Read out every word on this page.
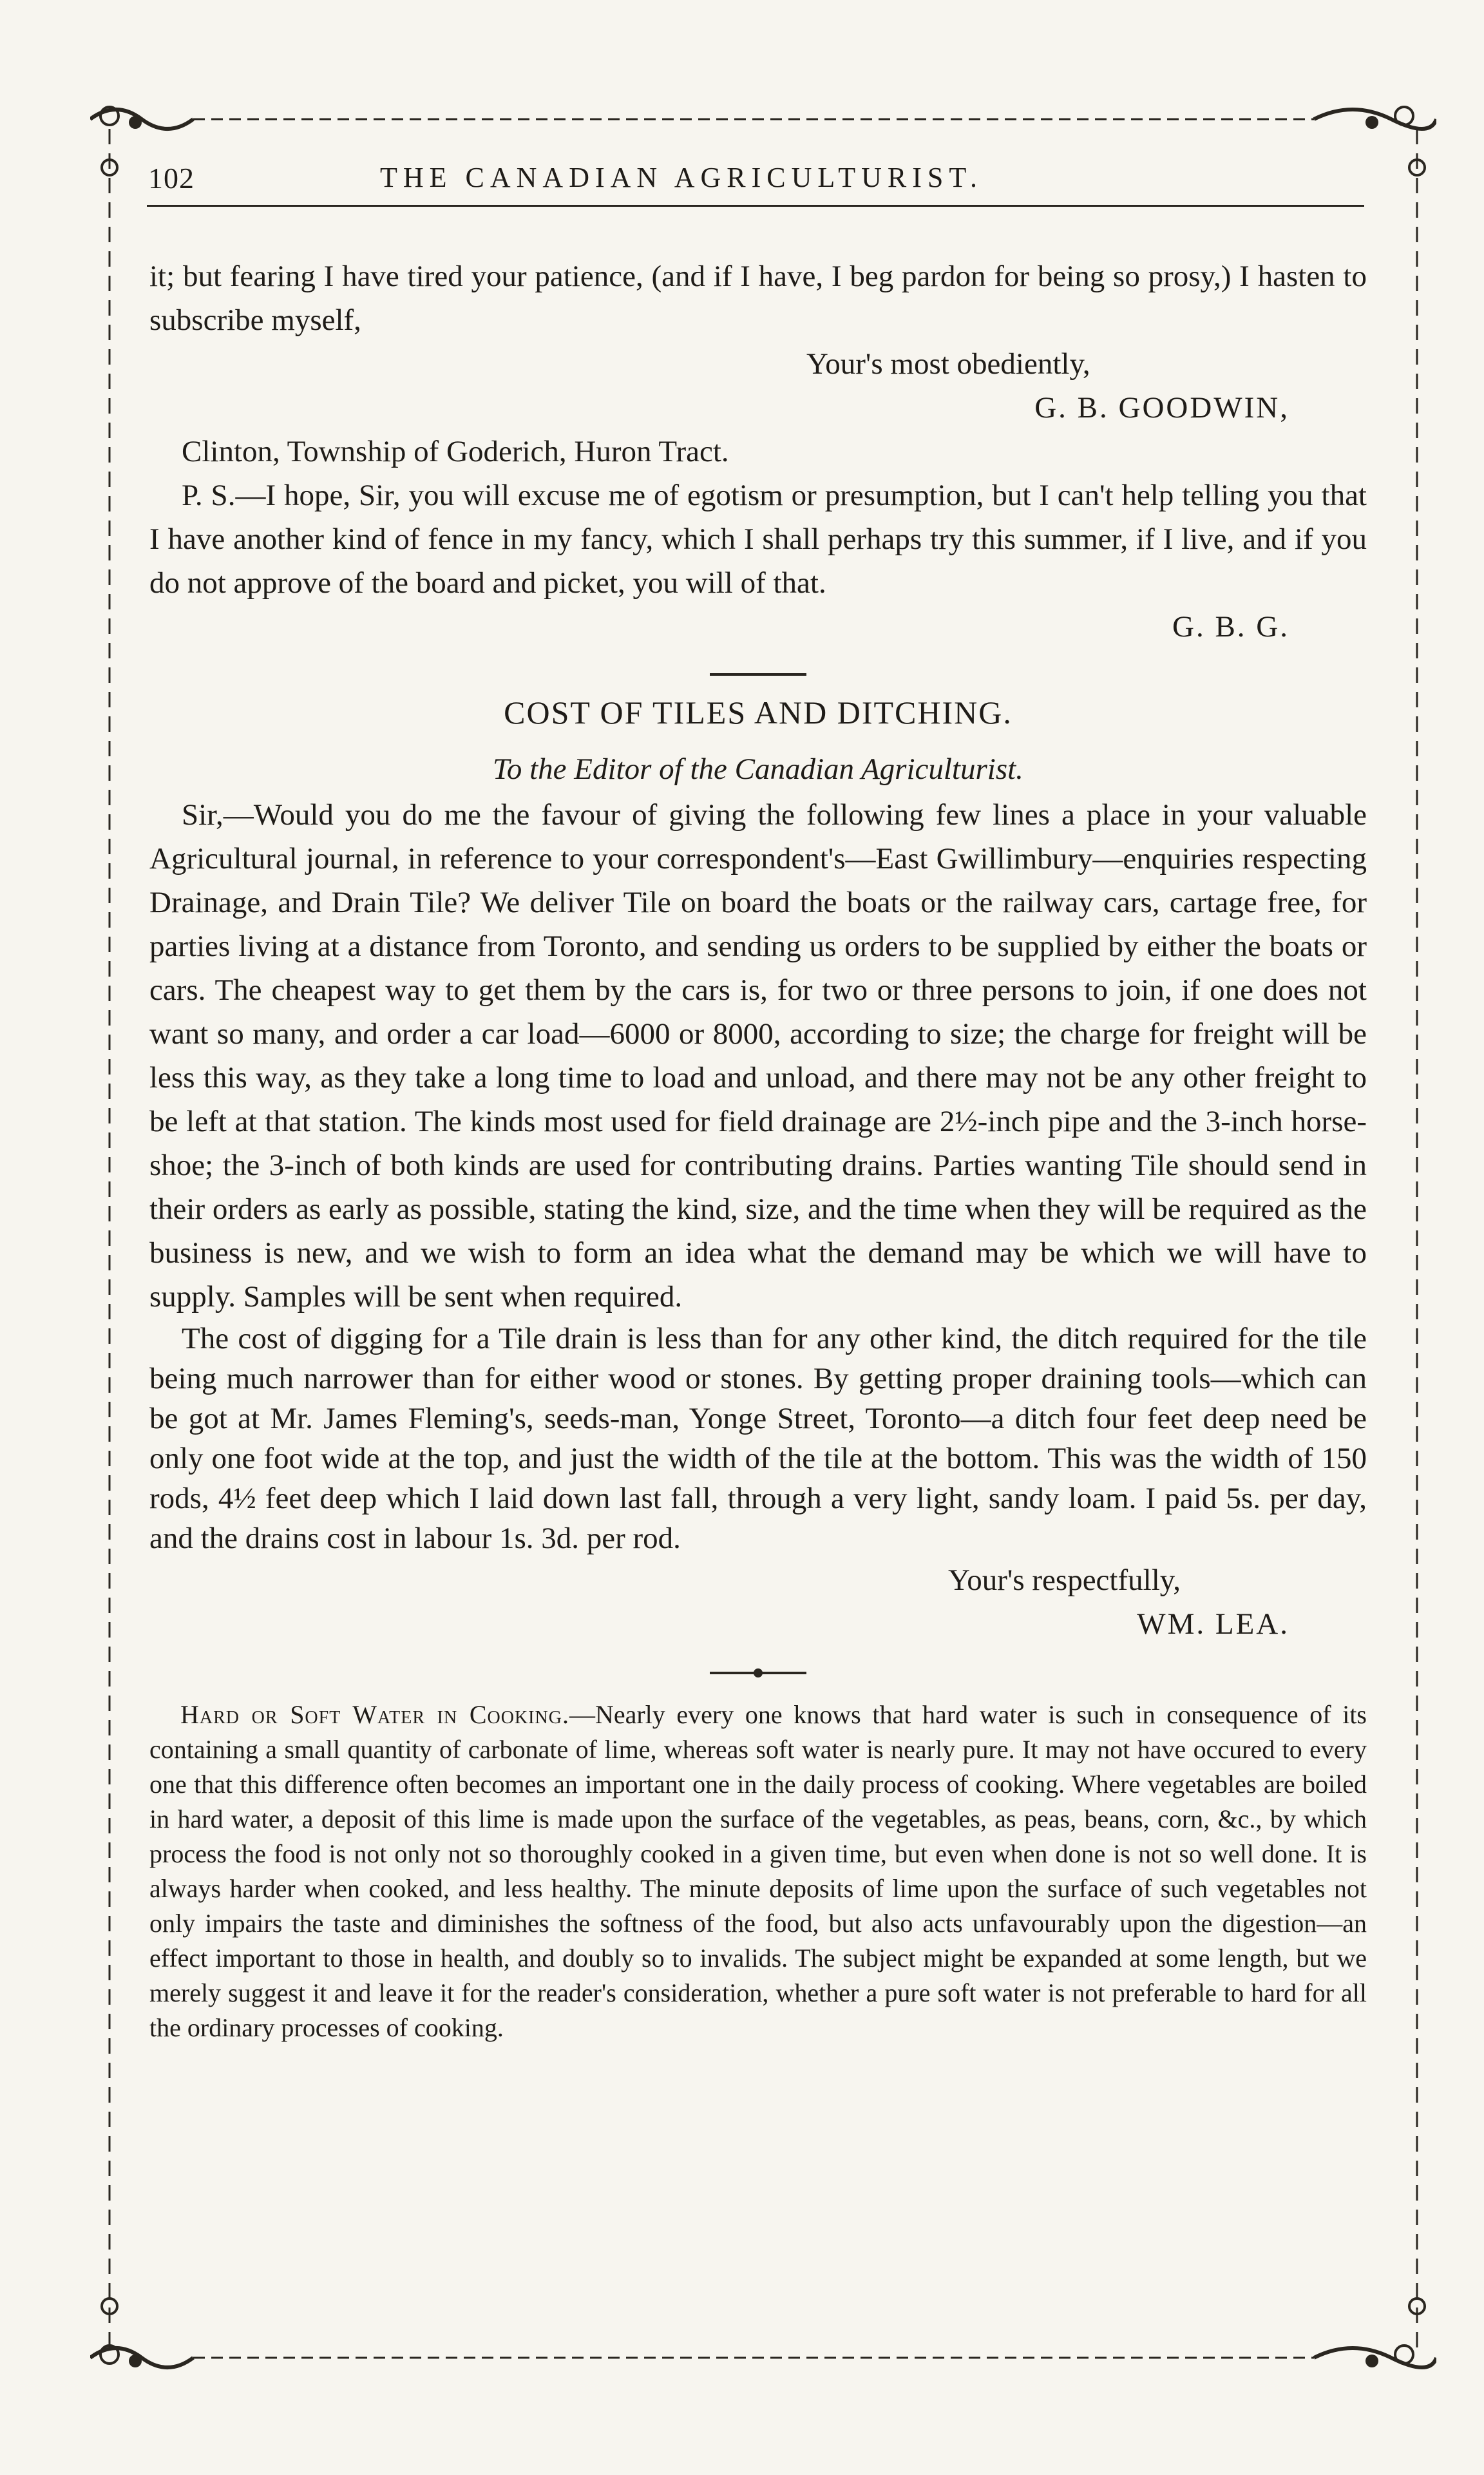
102	THE CANADIAN AGRICULTURIST.

it; but fearing I have tired your patience, (and if I have, I beg pardon for being so prosy,) I hasten to subscribe myself,

Your's most obediently,

G. B. GOODWIN,

Clinton, Township of Goderich, Huron Tract.

P. S.—I hope, Sir, you will excuse me of egotism or presumption, but I can't help telling you that I have another kind of fence in my fancy, which I shall perhaps try this summer, if I live, and if you do not approve of the board and picket, you will of that.

G. B. G.

COST OF TILES AND DITCHING.

To the Editor of the Canadian Agriculturist.

Sir,—Would you do me the favour of giving the following few lines a place in your valuable Agricultural journal, in reference to your correspondent's—East Gwillimbury—enquiries respecting Drainage, and Drain Tile? We deliver Tile on board the boats or the railway cars, cartage free, for parties living at a distance from Toronto, and sending us orders to be supplied by either the boats or cars. The cheapest way to get them by the cars is, for two or three persons to join, if one does not want so many, and order a car load—6000 or 8000, according to size; the charge for freight will be less this way, as they take a long time to load and unload, and there may not be any other freight to be left at that station. The kinds most used for field drainage are 2½-inch pipe and the 3-inch horse-shoe; the 3-inch of both kinds are used for contributing drains. Parties wanting Tile should send in their orders as early as possible, stating the kind, size, and the time when they will be required as the business is new, and we wish to form an idea what the demand may be which we will have to supply. Samples will be sent when required.

The cost of digging for a Tile drain is less than for any other kind, the ditch required for the tile being much narrower than for either wood or stones. By getting proper draining tools—which can be got at Mr. James Fleming's, seeds-man, Yonge Street, Toronto—a ditch four feet deep need be only one foot wide at the top, and just the width of the tile at the bottom. This was the width of 150 rods, 4½ feet deep which I laid down last fall, through a very light, sandy loam. I paid 5s. per day, and the drains cost in labour 1s. 3d. per rod.

Your's respectfully,

WM. LEA.

Hard or Soft Water in Cooking.—Nearly every one knows that hard water is such in consequence of its containing a small quantity of carbonate of lime, whereas soft water is nearly pure. It may not have occured to every one that this difference often becomes an important one in the daily process of cooking. Where vegetables are boiled in hard water, a deposit of this lime is made upon the surface of the vegetables, as peas, beans, corn, &c., by which process the food is not only not so thoroughly cooked in a given time, but even when done is not so well done. It is always harder when cooked, and less healthy. The minute deposits of lime upon the surface of such vegetables not only impairs the taste and diminishes the softness of the food, but also acts unfavourably upon the digestion—an effect important to those in health, and doubly so to invalids. The subject might be expanded at some length, but we merely suggest it and leave it for the reader's consideration, whether a pure soft water is not preferable to hard for all the ordinary processes of cooking.
